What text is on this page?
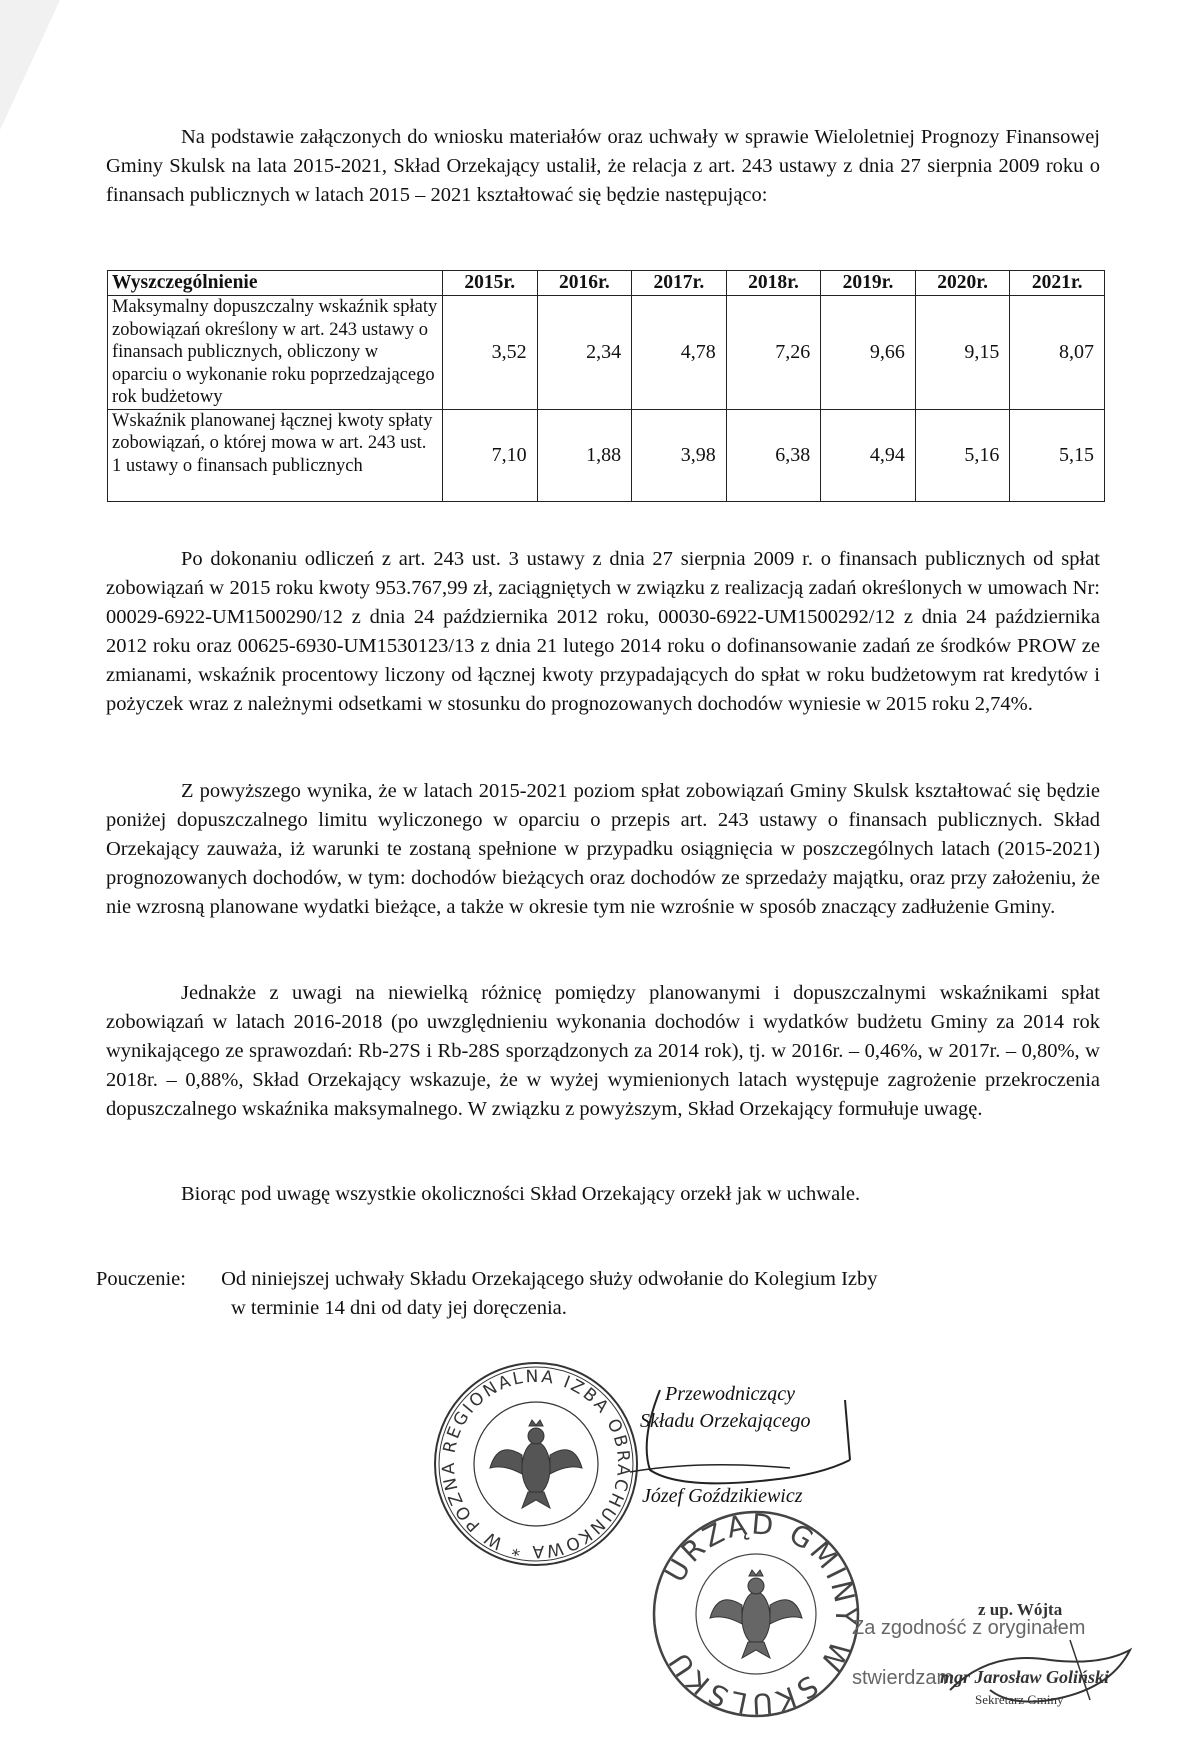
Na podstawie załączonych do wniosku materiałów oraz uchwały w sprawie Wieloletniej Prognozy Finansowej Gminy Skulsk na lata 2015-2021, Skład Orzekający ustalił, że relacja z art. 243 ustawy z dnia 27 sierpnia 2009 roku o finansach publicznych w latach 2015 – 2021 kształtować się będzie następująco:

Wyszczególnienie	2015r.	2016r.	2017r.	2018r.	2019r.	2020r.	2021r.
Maksymalny dopuszczalny wskaźnik spłaty zobowiązań określony w art. 243 ustawy o finansach publicznych, obliczony w oparciu o wykonanie roku poprzedzającego rok budżetowy	3,52	2,34	4,78	7,26	9,66	9,15	8,07
Wskaźnik planowanej łącznej kwoty spłaty zobowiązań, o której mowa w art. 243 ust. 1 ustawy o finansach publicznych	7,10	1,88	3,98	6,38	4,94	5,16	5,15

Po dokonaniu odliczeń z art. 243 ust. 3 ustawy z dnia 27 sierpnia 2009 r. o finansach publicznych od spłat zobowiązań w 2015 roku kwoty 953.767,99 zł, zaciągniętych w związku z realizacją zadań określonych w umowach Nr: 00029-6922-UM1500290/12 z dnia 24 października 2012 roku, 00030-6922-UM1500292/12 z dnia 24 października 2012 roku oraz 00625-6930-UM1530123/13 z dnia 21 lutego 2014 roku o dofinansowanie zadań ze środków PROW ze zmianami, wskaźnik procentowy liczony od łącznej kwoty przypadających do spłat w roku budżetowym rat kredytów i pożyczek wraz z należnymi odsetkami w stosunku do prognozowanych dochodów wyniesie w 2015 roku 2,74%.

Z powyższego wynika, że w latach 2015-2021 poziom spłat zobowiązań Gminy Skulsk kształtować się będzie poniżej dopuszczalnego limitu wyliczonego w oparciu o przepis art. 243 ustawy o finansach publicznych. Skład Orzekający zauważa, iż warunki te zostaną spełnione w przypadku osiągnięcia w poszczególnych latach (2015-2021) prognozowanych dochodów, w tym: dochodów bieżących oraz dochodów ze sprzedaży majątku, oraz przy założeniu, że nie wzrosną planowane wydatki bieżące, a także w okresie tym nie wzrośnie w sposób znaczący zadłużenie Gminy.

Jednakże z uwagi na niewielką różnicę pomiędzy planowanymi i dopuszczalnymi wskaźnikami spłat zobowiązań w latach 2016-2018 (po uwzględnieniu wykonania dochodów i wydatków budżetu Gminy za 2014 rok wynikającego ze sprawozdań: Rb-27S i Rb-28S sporządzonych za 2014 rok), tj. w 2016r. – 0,46%, w 2017r. – 0,80%, w 2018r. – 0,88%, Skład Orzekający wskazuje, że w wyżej wymienionych latach występuje zagrożenie przekroczenia dopuszczalnego wskaźnika maksymalnego. W związku z powyższym, Skład Orzekający formułuje uwagę.

Biorąc pod uwagę wszystkie okoliczności Skład Orzekający orzekł jak w uchwale.

Pouczenie: Od niniejszej uchwały Składu Orzekającego służy odwołanie do Kolegium Izby
w terminie 14 dni od daty jej doręczenia.
REGIONALNA IZBA OBRACHUNKOWA * W POZNA
Przewodniczący
Składu Orzekającego
Józef Goździkiewicz
URZĄD GMINY W SKULSKU
Za zgodność z oryginałem
stwierdzam
z up. Wójta
mgr Jarosław Goliński
Sekretarz Gminy
